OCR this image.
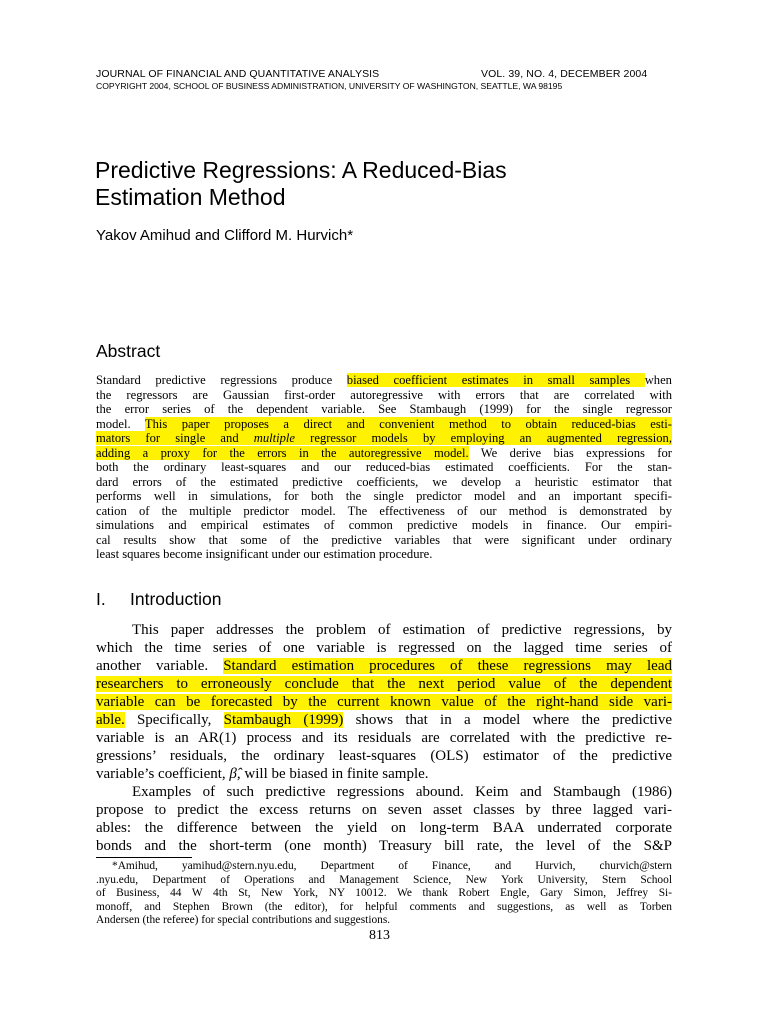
JOURNAL OF FINANCIAL AND QUANTITATIVE ANALYSIS	VOL. 39, NO. 4, DECEMBER 2004
COPYRIGHT 2004, SCHOOL OF BUSINESS ADMINISTRATION, UNIVERSITY OF WASHINGTON, SEATTLE, WA 98195
Predictive Regressions: A Reduced-Bias
Estimation Method
Yakov Amihud and Clifford M. Hurvich*
Abstract
Standard predictive regressions produce biased coefficient estimates in small samples when
the regressors are Gaussian first-order autoregressive with errors that are correlated with
the error series of the dependent variable. See Stambaugh (1999) for the single regressor
model. This paper proposes a direct and convenient method to obtain reduced-bias esti-
mators for single and multiple regressor models by employing an augmented regression,
adding a proxy for the errors in the autoregressive model. We derive bias expressions for
both the ordinary least-squares and our reduced-bias estimated coefficients. For the stan-
dard errors of the estimated predictive coefficients, we develop a heuristic estimator that
performs well in simulations, for both the single predictor model and an important specifi-
cation of the multiple predictor model. The effectiveness of our method is demonstrated by
simulations and empirical estimates of common predictive models in finance. Our empiri-
cal results show that some of the predictive variables that were significant under ordinary
least squares become insignificant under our estimation procedure.
I. Introduction
This paper addresses the problem of estimation of predictive regressions, by
which the time series of one variable is regressed on the lagged time series of
another variable. Standard estimation procedures of these regressions may lead
researchers to erroneously conclude that the next period value of the dependent
variable can be forecasted by the current known value of the right-hand side vari-
able. Specifically, Stambaugh (1999) shows that in a model where the predictive
variable is an AR(1) process and its residuals are correlated with the predictive re-
gressions’ residuals, the ordinary least-squares (OLS) estimator of the predictive
variable’s coefficient, β̂, will be biased in finite sample.
Examples of such predictive regressions abound. Keim and Stambaugh (1986)
propose to predict the excess returns on seven asset classes by three lagged vari-
ables: the difference between the yield on long-term BAA underrated corporate
bonds and the short-term (one month) Treasury bill rate, the level of the S&P
*Amihud, yamihud@stern.nyu.edu, Department of Finance, and Hurvich, churvich@stern
.nyu.edu, Department of Operations and Management Science, New York University, Stern School
of Business, 44 W 4th St, New York, NY 10012. We thank Robert Engle, Gary Simon, Jeffrey Si-
monoff, and Stephen Brown (the editor), for helpful comments and suggestions, as well as Torben
Andersen (the referee) for special contributions and suggestions.
813
